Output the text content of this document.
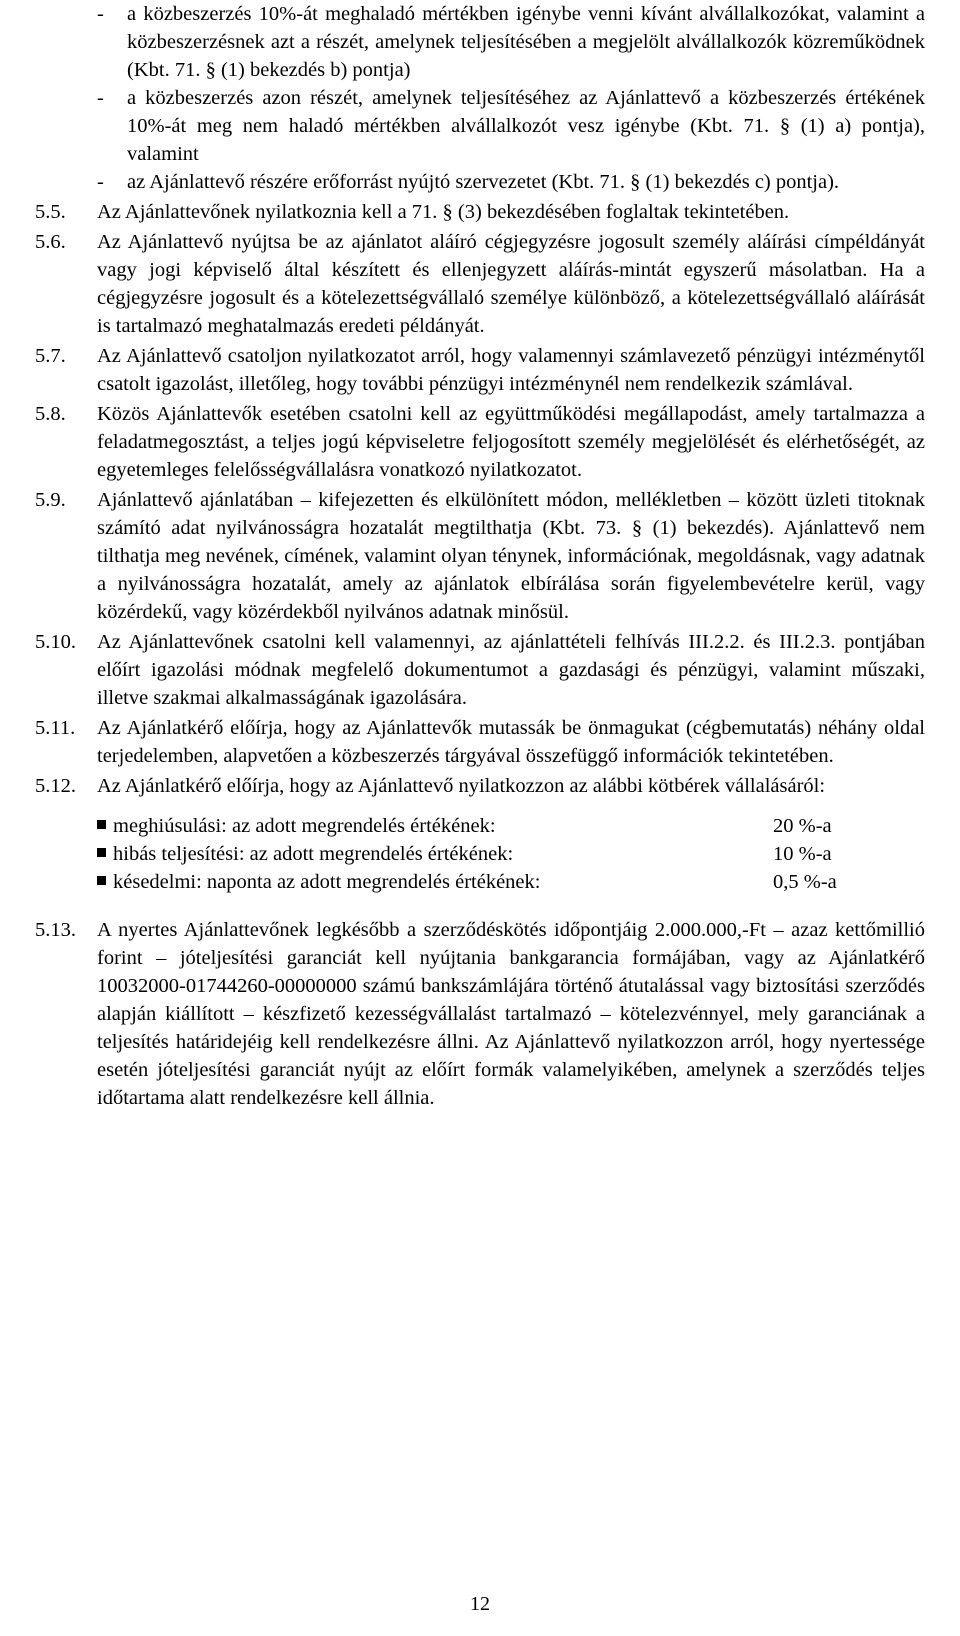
-	a közbeszerzés 10%-át meghaladó mértékben igénybe venni kívánt alvállalkozókat, valamint a közbeszerzésnek azt a részét, amelynek teljesítésében a megjelölt alvállalkozók közreműködnek (Kbt. 71. § (1) bekezdés b) pontja)
-	a közbeszerzés azon részét, amelynek teljesítéséhez az Ajánlattevő a közbeszerzés értékének 10%-át meg nem haladó mértékben alvállalkozót vesz igénybe (Kbt. 71. § (1) a) pontja), valamint
-	az Ajánlattevő részére erőforrást nyújtó szervezetet (Kbt. 71. § (1) bekezdés c) pontja).
5.5. Az Ajánlattevőnek nyilatkoznia kell a 71. § (3) bekezdésében foglaltak tekintetében.
5.6. Az Ajánlattevő nyújtsa be az ajánlatot aláíró cégjegyzésre jogosult személy aláírási címpéldányát vagy jogi képviselő által készített és ellenjegyzett aláírás-mintát egyszerű másolatban. Ha a cégjegyzésre jogosult és a kötelezettségvállaló személye különböző, a kötelezettségvállaló aláírását is tartalmazó meghatalmazás eredeti példányát.
5.7. Az Ajánlattevő csatoljon nyilatkozatot arról, hogy valamennyi számlavezető pénzügyi intézménytől csatolt igazolást, illetőleg, hogy további pénzügyi intézménynél nem rendelkezik számlával.
5.8. Közös Ajánlattevők esetében csatolni kell az együttműködési megállapodást, amely tartalmazza a feladatmegosztást, a teljes jogú képviseletre feljogosított személy megjelölését és elérhetőségét, az egyetemleges felelősségvállalásra vonatkozó nyilatkozatot.
5.9. Ajánlattevő ajánlatában – kifejezetten és elkülönített módon, mellékletben – között üzleti titoknak számító adat nyilvánosságra hozatalát megtilthatja (Kbt. 73. § (1) bekezdés). Ajánlattevő nem tilthatja meg nevének, címének, valamint olyan ténynek, információnak, megoldásnak, vagy adatnak a nyilvánosságra hozatalát, amely az ajánlatok elbírálása során figyelembevételre kerül, vagy közérdekű, vagy közérdekből nyilvános adatnak minősül.
5.10. Az Ajánlattevőnek csatolni kell valamennyi, az ajánlattételi felhívás III.2.2. és III.2.3. pontjában előírt igazolási módnak megfelelő dokumentumot a gazdasági és pénzügyi, valamint műszaki, illetve szakmai alkalmasságának igazolására.
5.11. Az Ajánlatkérő előírja, hogy az Ajánlattevők mutassák be önmagukat (cégbemutatás) néhány oldal terjedelemben, alapvetően a közbeszerzés tárgyával összefüggő információk tekintetében.
5.12. Az Ajánlatkérő előírja, hogy az Ajánlattevő nyilatkozzon az alábbi kötbérek vállalásáról:
meghiúsulási: az adott megrendelés értékének:	20 %-a
hibás teljesítési: az adott megrendelés értékének:	10 %-a
késedelmi: naponta az adott megrendelés értékének:	0,5 %-a
5.13. A nyertes Ajánlattevőnek legkésőbb a szerződéskötés időpontjáig 2.000.000,-Ft – azaz kettőmillió forint – jóteljesítési garanciát kell nyújtania bankgarancia formájában, vagy az Ajánlatkérő 10032000-01744260-00000000 számú bankszámlájára történő átutalással vagy biztosítási szerződés alapján kiállított – készfizető kezességvállalást tartalmazó – kötelezvénnyel, mely garanciának a teljesítés határidejéig kell rendelkezésre állni. Az Ajánlattevő nyilatkozzon arról, hogy nyertessége esetén jóteljesítési garanciát nyújt az előírt formák valamelyikében, amelynek a szerződés teljes időtartama alatt rendelkezésre kell állnia.
12
